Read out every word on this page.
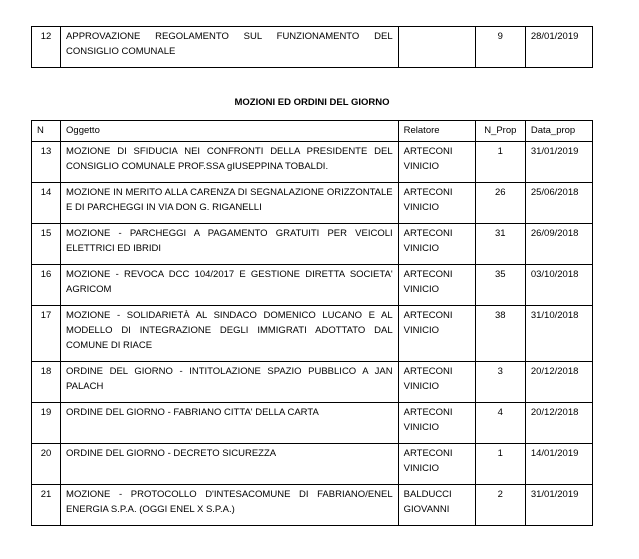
12	APPROVAZIONE REGOLAMENTO SUL FUNZIONAMENTO DEL CONSIGLIO COMUNALE		9	28/01/2019
MOZIONI ED ORDINI DEL GIORNO
N	Oggetto	Relatore	N_Prop	Data_prop
13	MOZIONE DI SFIDUCIA NEI CONFRONTI DELLA PRESIDENTE DEL CONSIGLIO COMUNALE PROF.SSA gIUSEPPINA TOBALDI.	ARTECONI VINICIO	1	31/01/2019
14	MOZIONE IN MERITO ALLA CARENZA DI SEGNALAZIONE ORIZZONTALE E DI PARCHEGGI IN VIA DON G. RIGANELLI	ARTECONI VINICIO	26	25/06/2018
15	MOZIONE - PARCHEGGI A PAGAMENTO GRATUITI PER VEICOLI ELETTRICI ED IBRIDI	ARTECONI VINICIO	31	26/09/2018
16	MOZIONE - REVOCA DCC 104/2017 E GESTIONE DIRETTA SOCIETA' AGRICOM	ARTECONI VINICIO	35	03/10/2018
17	MOZIONE - SOLIDARIETÀ AL SINDACO DOMENICO LUCANO E AL MODELLO DI INTEGRAZIONE DEGLI IMMIGRATI ADOTTATO DAL COMUNE DI RIACE	ARTECONI VINICIO	38	31/10/2018
18	ORDINE DEL GIORNO - INTITOLAZIONE SPAZIO PUBBLICO A JAN PALACH	ARTECONI VINICIO	3	20/12/2018
19	ORDINE DEL GIORNO - FABRIANO CITTA' DELLA CARTA	ARTECONI VINICIO	4	20/12/2018
20	ORDINE DEL GIORNO - DECRETO SICUREZZA	ARTECONI VINICIO	1	14/01/2019
21	MOZIONE - PROTOCOLLO D'INTESACOMUNE DI FABRIANO/ENEL ENERGIA S.P.A. (OGGI ENEL X S.P.A.)	BALDUCCI GIOVANNI	2	31/01/2019
